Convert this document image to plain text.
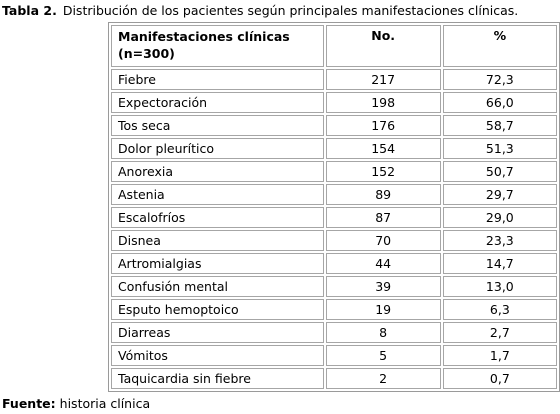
Tabla 2. Distribución de los pacientes según principales manifestaciones clínicas.
Manifestaciones clínicas
(n=300)	No.	%
Fiebre	217	72,3
Expectoración	198	66,0
Tos seca	176	58,7
Dolor pleurítico	154	51,3
Anorexia	152	50,7
Astenia	89	29,7
Escalofríos	87	29,0
Disnea	70	23,3
Artromialgias	44	14,7
Confusión mental	39	13,0
Esputo hemoptoico	19	6,3
Diarreas	8	2,7
Vómitos	5	1,7
Taquicardia sin fiebre	2	0,7
Fuente: historia clínica
